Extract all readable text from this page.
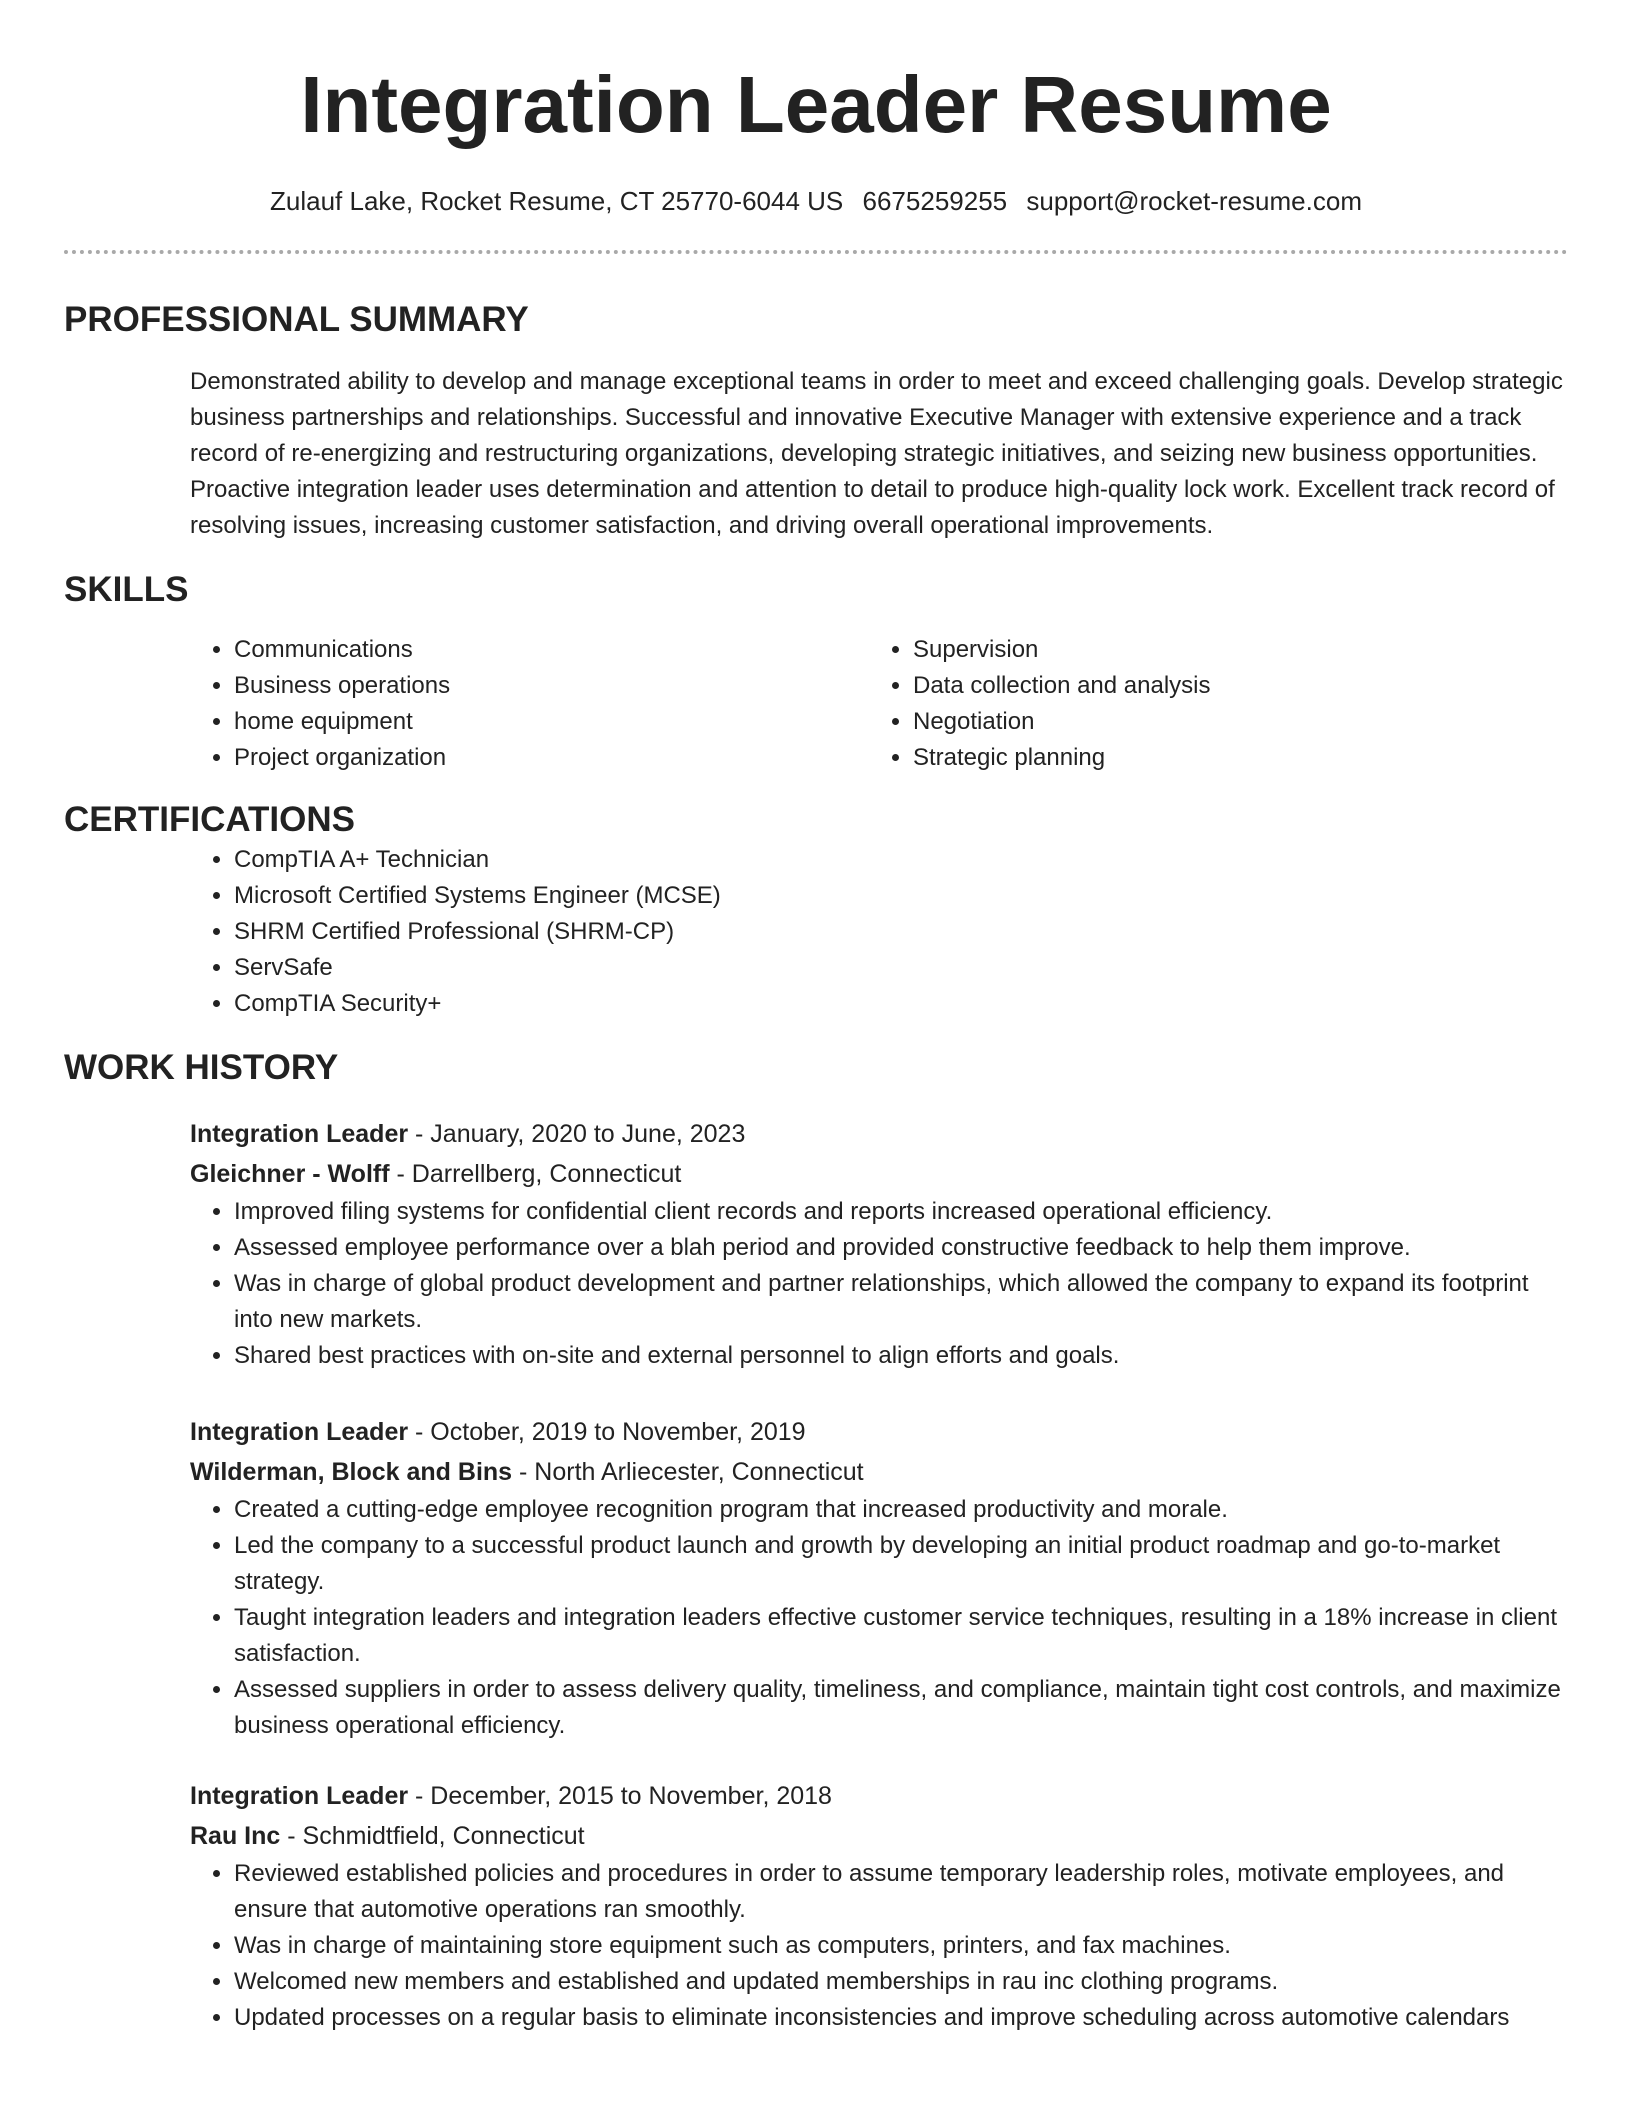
Integration Leader Resume
Zulauf Lake, Rocket Resume, CT 25770-6044 US 6675259255 support@rocket-resume.com
PROFESSIONAL SUMMARY
Demonstrated ability to develop and manage exceptional teams in order to meet and exceed challenging goals. Develop strategic business partnerships and relationships. Successful and innovative Executive Manager with extensive experience and a track record of re-energizing and restructuring organizations, developing strategic initiatives, and seizing new business opportunities. Proactive integration leader uses determination and attention to detail to produce high-quality lock work. Excellent track record of resolving issues, increasing customer satisfaction, and driving overall operational improvements.
SKILLS
• Communications
• Business operations
• home equipment
• Project organization
• Supervision
• Data collection and analysis
• Negotiation
• Strategic planning
CERTIFICATIONS
• CompTIA A+ Technician
• Microsoft Certified Systems Engineer (MCSE)
• SHRM Certified Professional (SHRM-CP)
• ServSafe
• CompTIA Security+
WORK HISTORY
Integration Leader - January, 2020 to June, 2023
Gleichner - Wolff - Darrellberg, Connecticut
• Improved filing systems for confidential client records and reports increased operational efficiency.
• Assessed employee performance over a blah period and provided constructive feedback to help them improve.
• Was in charge of global product development and partner relationships, which allowed the company to expand its footprint into new markets.
• Shared best practices with on-site and external personnel to align efforts and goals.
Integration Leader - October, 2019 to November, 2019
Wilderman, Block and Bins - North Arliecester, Connecticut
• Created a cutting-edge employee recognition program that increased productivity and morale.
• Led the company to a successful product launch and growth by developing an initial product roadmap and go-to-market strategy.
• Taught integration leaders and integration leaders effective customer service techniques, resulting in a 18% increase in client satisfaction.
• Assessed suppliers in order to assess delivery quality, timeliness, and compliance, maintain tight cost controls, and maximize business operational efficiency.
Integration Leader - December, 2015 to November, 2018
Rau Inc - Schmidtfield, Connecticut
• Reviewed established policies and procedures in order to assume temporary leadership roles, motivate employees, and ensure that automotive operations ran smoothly.
• Was in charge of maintaining store equipment such as computers, printers, and fax machines.
• Welcomed new members and established and updated memberships in rau inc clothing programs.
• Updated processes on a regular basis to eliminate inconsistencies and improve scheduling across automotive calendars
